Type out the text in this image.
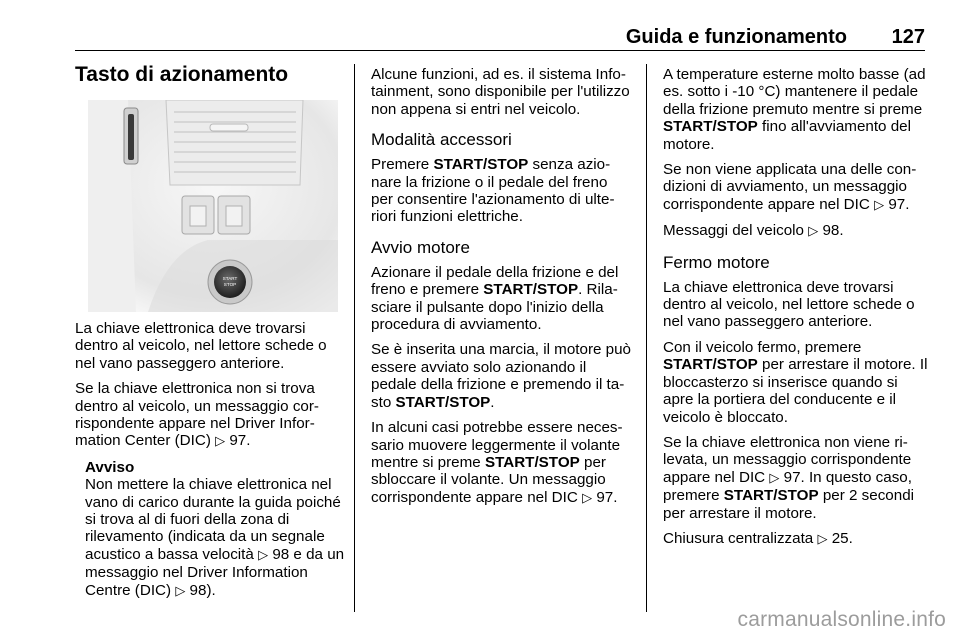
Guida e funzionamento 127
Tasto di azionamento
START
STOP

La chiave elettronica deve trovarsi dentro al veicolo, nel lettore schede o nel vano passeggero anteriore.

Se la chiave elettronica non si trova dentro al veicolo, un messaggio corrispondente appare nel Driver Information Center (DIC) ▷ 97.

Avviso
Non mettere la chiave elettronica nel vano di carico durante la guida poiché si trova al di fuori della zona di rilevamento (indicata da un segnale acustico a bassa velocità ▷ 98 e da un messaggio nel Driver Information Centre (DIC) ▷ 98).

Alcune funzioni, ad es. il sistema Infotainment, sono disponibile per l'utilizzo non appena si entri nel veicolo.

Modalità accessori

Premere START/STOP senza azionare la frizione o il pedale del freno per consentire l'azionamento di ulteriori funzioni elettriche.

Avvio motore

Azionare il pedale della frizione e del freno e premere START/STOP. Rilasciare il pulsante dopo l'inizio della procedura di avviamento.

Se è inserita una marcia, il motore può essere avviato solo azionando il pedale della frizione e premendo il tasto START/STOP.

In alcuni casi potrebbe essere necessario muovere leggermente il volante mentre si preme START/STOP per sbloccare il volante. Un messaggio corrispondente appare nel DIC ▷ 97.

A temperature esterne molto basse (ad es. sotto i -10 °C) mantenere il pedale della frizione premuto mentre si preme START/STOP fino all'avviamento del motore.

Se non viene applicata una delle condizioni di avviamento, un messaggio corrispondente appare nel DIC ▷ 97.

Messaggi del veicolo ▷ 98.

Fermo motore

La chiave elettronica deve trovarsi dentro al veicolo, nel lettore schede o nel vano passeggero anteriore.

Con il veicolo fermo, premere START/STOP per arrestare il motore. Il bloccasterzo si inserisce quando si apre la portiera del conducente e il veicolo è bloccato.

Se la chiave elettronica non viene rilevata, un messaggio corrispondente appare nel DIC ▷ 97. In questo caso, premere START/STOP per 2 secondi per arrestare il motore.

Chiusura centralizzata ▷ 25.

carmanualsonline.info
